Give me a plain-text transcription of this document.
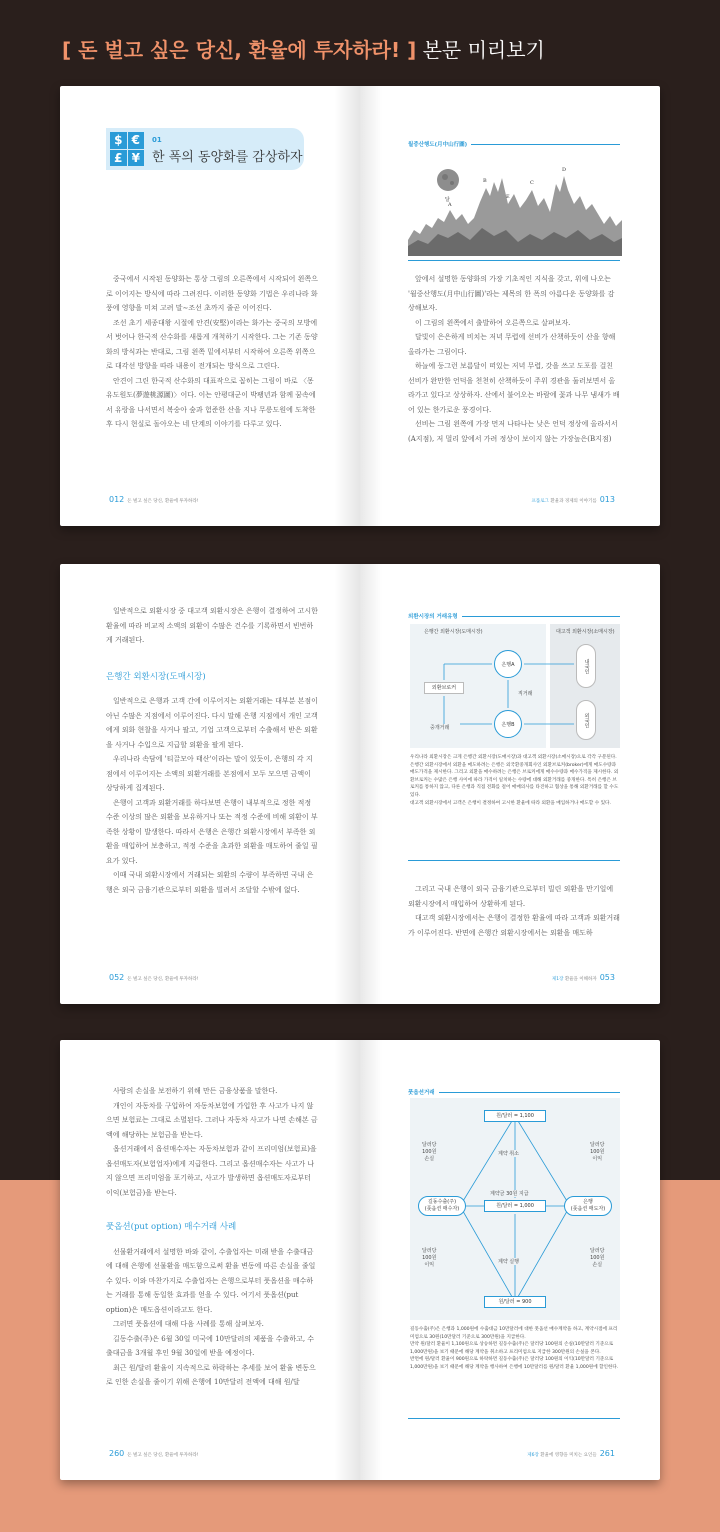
[ 돈 벌고 싶은 당신, 환율에 투자하라! ] 본문 미리보기
$ €
£ ¥
01
한 폭의 동양화를 감상하자

중국에서 시작된 동양화는 통상 그림의 오른쪽에서 시작되어 왼쪽으로 이어지는 방식에 따라 그려진다. 이러한 동양화 기법은 우리나라 화풍에 영향을 미쳐 고려 말∼조선 초까지 줄곧 이어진다.

조선 초기 세종대왕 시절에 안견(安堅)이라는 화가는 중국의 모방에서 벗어나 한국적 산수화를 새롭게 개척하기 시작한다. 그는 기존 동양화의 방식과는 반대로, 그림 왼쪽 밑에서부터 시작하여 오른쪽 위쪽으로 대각선 방향을 따라 내용이 전개되는 방식으로 그린다.

안견이 그린 한국적 산수화의 대표작으로 꼽히는 그림이 바로 〈몽유도원도(夢遊桃源圖)〉이다. 이는 안평대군이 박팽년과 함께 꿈속에서 유랑을 나서면서 복숭아 숲과 험준한 산을 지나 무릉도원에 도착한 후 다시 현실로 돌아오는 네 단계의 이야기를 다루고 있다.

012 돈 벌고 싶은 당신, 환율에 투자하라!
월중산행도(月中山行圖)
달
A
B	C
D
E

앞에서 설명한 동양화의 가장 기초적인 지식을 갖고, 위에 나오는 '월중산행도(月中山行圖)'라는 제목의 한 폭의 아름다운 동양화를 감상해보자.

이 그림의 왼쪽에서 출발하여 오른쪽으로 살펴보자.

달빛이 은은하게 비치는 저녁 무렵에 선비가 산책하듯이 산을 향해 올라가는 그림이다.

하늘에 둥그런 보름달이 떠있는 저녁 무렵, 갓을 쓰고 도포를 걸친 선비가 완만한 언덕을 천천히 산책하듯이 주위 경관을 둘러보면서 올라가고 있다고 상상하자. 산에서 불어오는 바람에 꽃과 나무 냄새가 배어 있는 한가로운 풍경이다.

선비는 그림 왼쪽에 가장 먼저 나타나는 낮은 언덕 정상에 올라서서(A지점), 저 멀리 앞에서 가려 정상이 보이지 않는 가장높은(B지점)

프롤로그 환율과 경제의 이야기를 013

일반적으로 외환시장 중 대고객 외환시장은 은행이 결정하여 고시한 환율에 따라 비교적 소액의 외환이 수많은 건수를 기록하면서 빈번하게 거래된다.

은행간 외환시장(도매시장)

일반적으로 은행과 고객 간에 이루어지는 외환거래는 대부분 본점이 아닌 수많은 지점에서 이루어진다. 다시 말해 은행 지점에서 개인 고객에게 외화 현찰을 사거나 팔고, 기업 고객으로부터 수출해서 받은 외환을 사거나 수입으로 지급할 외환을 팔게 된다.

우리나라 속담에 '티끌모아 태산'이라는 말이 있듯이, 은행의 각 지점에서 이루어지는 소액의 외환거래를 본점에서 모두 모으면 금액이 상당하게 집계된다.

은행이 고객과 외환거래를 하다보면 은행이 내부적으로 정한 적정 수준 이상의 많은 외환을 보유하거나 또는 적정 수준에 비해 외환이 부족한 상황이 발생한다. 따라서 은행은 은행간 외환시장에서 부족한 외환을 매입하여 보충하고, 적정 수준을 초과한 외환을 매도하여 줄일 필요가 있다.

이때 국내 외환시장에서 거래되는 외환의 수량이 부족하면 국내 은행은 외국 금융기관으로부터 외환을 빌려서 조달할 수밖에 없다.

052 돈 벌고 싶은 당신, 환율에 투자하라!
외환시장의 거래유형
은행간 외환시장(도매시장)	대고객 외환시장(소매시장)
은행A
은행B
외환브로커
직거래
중개거래
내국인
외국인
우리나라 외환시장은 크게 은행간 외환시장(도매시장)과 대고객 외환시장(소매시장)으로 각각 구분된다.
은행간 외환시장에서 외환을 매도하려는 은행은 외국환중개회사인 외환브로커(broker)에게 매도수량과 매도가격을 제시한다. 그리고 외환을 매수하려는 은행은 브로커에게 매수수량과 매수가격을 제시한다. 외환브로커는 수많은 은행 사이에 따라 가격이 일치하는 수량에 대해 외환거래를 중개한다. 특히 은행은 브로커를 통하지 않고, 다른 은행과 직접 전화를 걸어 매매의사를 타진하고 협상을 통해 외환거래를 할 수도 있다.
대고객 외환시장에서 고객은 은행이 결정하여 고시한 환율에 따라 외환을 매입하거나 매도할 수 있다.

그리고 국내 은행이 외국 금융기관으로부터 빌린 외환을 만기일에 외환시장에서 매입하여 상환하게 된다.

대고객 외환시장에서는 은행이 결정한 환율에 따라 고객과 외환거래가 이루어진다. 반면에 은행간 외환시장에서는 외환을 매도하

제1장 환율을 이해하자 053

사람의 손실을 보전하기 위해 만든 금융상품을 말한다.

개인이 자동차를 구입하여 자동차보험에 가입한 후 사고가 나지 않으면 보험료는 그대로 소멸된다. 그러나 자동차 사고가 나면 손해본 금액에 해당하는 보험금을 받는다.

옵션거래에서 옵션매수자는 자동차보험과 같이 프리미엄(보험료)을 옵션매도자(보험업자)에게 지급한다. 그리고 옵션매수자는 사고가 나지 않으면 프리미엄을 포기하고, 사고가 발생하면 옵션매도자로부터 이익(보험금)을 받는다.

풋옵션(put option) 매수거래 사례

선물환거래에서 설명한 바와 같이, 수출업자는 미래 받을 수출대금에 대해 은행에 선물환을 매도함으로써 환율 변동에 따른 손실을 줄일 수 있다. 이와 마찬가지로 수출업자는 은행으로부터 풋옵션을 매수하는 거래를 통해 동일한 효과를 얻을 수 있다. 여기서 풋옵션(put option)은 매도옵션이라고도 한다.

그러면 풋옵션에 대해 다음 사례를 통해 살펴보자.

길동수출(주)은 6월 30일 미국에 10만달러의 제품을 수출하고, 수출대금을 3개월 후인 9월 30일에 받을 예정이다.

최근 원/달러 환율이 지속적으로 하락하는 추세를 보여 환율 변동으로 인한 손실을 줄이기 위해 은행에 10만달러 전액에 대해 원/달

260 돈 벌고 싶은 당신, 환율에 투자하라!
풋옵션거래
원/달러 = 1,100
원/달러 = 1,000
원/달러 = 900
계약 취소
계약 실행
계약금 30원 지급
길동수출(주)
(풋옵션 매수자)
은행
(풋옵션 매도자)
달러당
100원
손실
달러당
100원
이익
달러당
100원
이익
달러당
100원
손실
길동수출(주)은 은행과 1,000원에 수출대금 10만달러에 대한 풋옵션 매수계약을 하고, 계약시점에 프리미엄으로 30원(10만달러 기준으로 300만원)을 지급한다.
만약 원/달러 환율이 1,100원으로 상승하면 길동수출(주)은 달러당 100원의 손실(10만달러 기준으로 1,000만원)을 보기 때문에 해당 계약을 취소하고 프리미엄으로 지급한 300만원의 손실을 본다.
반면에 원/달러 환율이 900원으로 하락하면 길동수출(주)은 달러당 100원의 이익(10만달러 기준으로 1,000만원)을 보기 때문에 해당 계약을 행사하여 은행에 10만달러를 원/달러 환율 1,000원에 할인한다.
제6장 환율에 영향을 미치는 요인들 261
